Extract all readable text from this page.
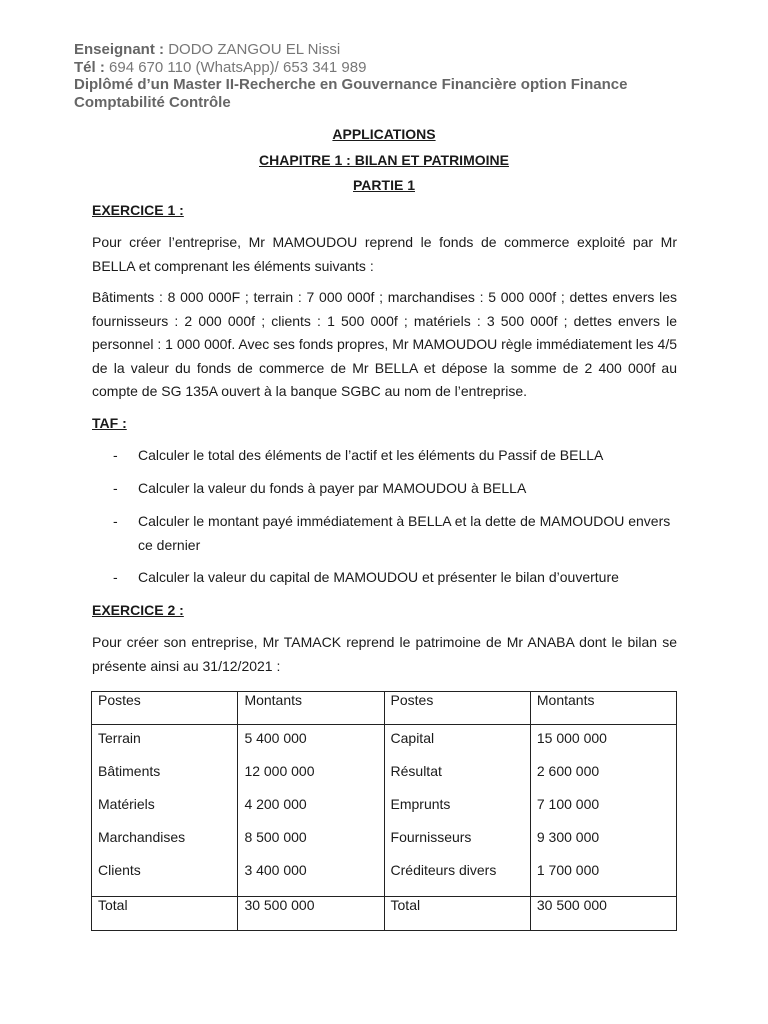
Enseignant : DODO ZANGOU EL Nissi
Tél : 694 670 110 (WhatsApp)/ 653 341 989
Diplômé d’un Master II-Recherche en Gouvernance Financière option Finance
Comptabilité Contrôle
APPLICATIONS
CHAPITRE 1 : BILAN ET PATRIMOINE
PARTIE 1
EXERCICE 1 :
Pour créer l’entreprise, Mr MAMOUDOU reprend le fonds de commerce exploité par Mr BELLA et comprenant les éléments suivants :
Bâtiments : 8 000 000F ; terrain : 7 000 000f ; marchandises : 5 000 000f ; dettes envers les fournisseurs : 2 000 000f ; clients : 1 500 000f ; matériels : 3 500 000f ; dettes envers le personnel : 1 000 000f. Avec ses fonds propres, Mr MAMOUDOU règle immédiatement les 4/5 de la valeur du fonds de commerce de Mr BELLA et dépose la somme de 2 400 000f au compte de SG 135A ouvert à la banque SGBC au nom de l’entreprise.
TAF :
- Calculer le total des éléments de l’actif et les éléments du Passif de BELLA
- Calculer la valeur du fonds à payer par MAMOUDOU à BELLA
- Calculer le montant payé immédiatement à BELLA et la dette de MAMOUDOU envers ce dernier
- Calculer la valeur du capital de MAMOUDOU et présenter le bilan d’ouverture
EXERCICE 2 :
Pour créer son entreprise, Mr TAMACK reprend le patrimoine de Mr ANABA dont le bilan se présente ainsi au 31/12/2021 :
Postes	Montants	Postes	Montants
Terrain	5 400 000	Capital	15 000 000
Bâtiments	12 000 000	Résultat	2 600 000
Matériels	4 200 000	Emprunts	7 100 000
Marchandises	8 500 000	Fournisseurs	9 300 000
Clients	3 400 000	Créditeurs divers	1 700 000
Total	30 500 000	Total	30 500 000
